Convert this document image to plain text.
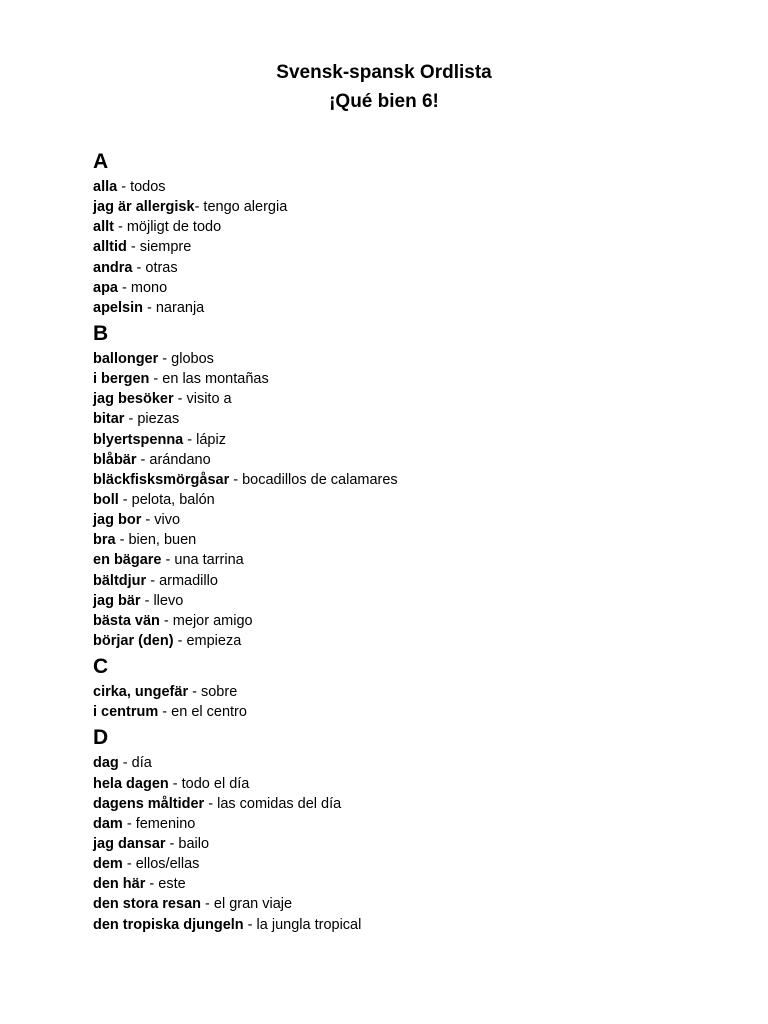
Svensk-spansk Ordlista
¡Qué bien 6!
A
alla - todos
jag är allergisk- tengo alergia
allt - möjligt de todo
alltid - siempre
andra - otras
apa - mono
apelsin - naranja
B
ballonger - globos
i bergen - en las montañas
jag besöker - visito a
bitar - piezas
blyertspenna - lápiz
blåbär - arándano
bläckfisksmörgåsar - bocadillos de calamares
boll - pelota, balón
jag bor - vivo
bra - bien, buen
en bägare - una tarrina
bältdjur - armadillo
jag bär - llevo
bästa vän - mejor amigo
börjar (den) - empieza
C
cirka, ungefär - sobre
i centrum - en el centro
D
dag - día
hela dagen - todo el día
dagens måltider - las comidas del día
dam - femenino
jag dansar - bailo
dem - ellos/ellas
den här - este
den stora resan - el gran viaje
den tropiska djungeln - la jungla tropical
